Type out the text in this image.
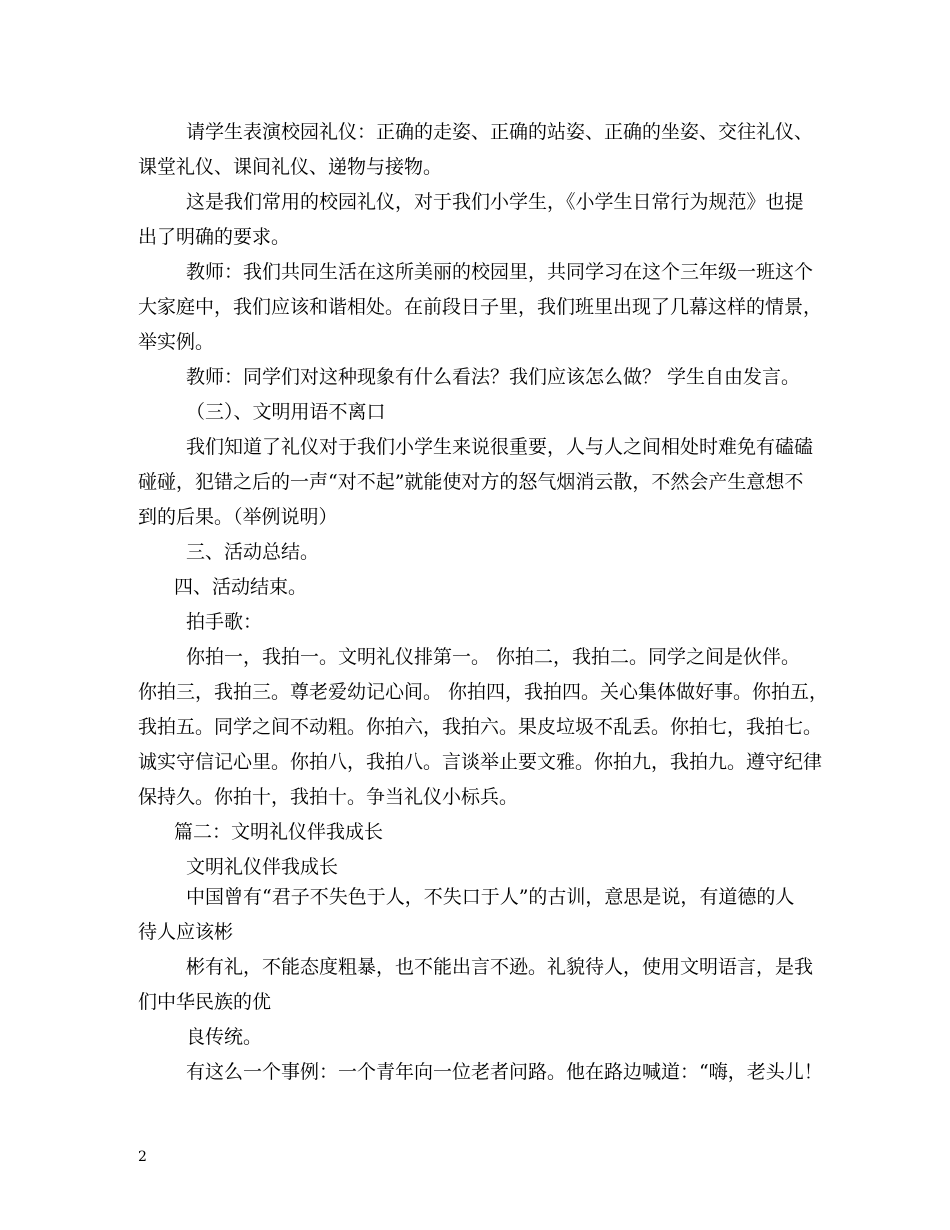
请学生表演校园礼仪：正确的走姿、正确的站姿、正确的坐姿、交往礼仪、
课堂礼仪、课间礼仪、递物与接物。
这是我们常用的校园礼仪，对于我们小学生，《小学生日常行为规范》也提
出了明确的要求。
教师：我们共同生活在这所美丽的校园里，共同学习在这个三年级一班这个
大家庭中，我们应该和谐相处。在前段日子里，我们班里出现了几幕这样的情景，
举实例。
教师：同学们对这种现象有什么看法？我们应该怎么做？ 学生自由发言。
（三）、文明用语不离口
我们知道了礼仪对于我们小学生来说很重要，人与人之间相处时难免有磕磕
碰碰，犯错之后的一声“对不起”就能使对方的怒气烟消云散，不然会产生意想不
到的后果。（举例说明）
三、活动总结。
四、活动结束。
拍手歌：
你拍一，我拍一。文明礼仪排第一。 你拍二，我拍二。同学之间是伙伴。
你拍三，我拍三。尊老爱幼记心间。 你拍四，我拍四。关心集体做好事。你拍五，
我拍五。同学之间不动粗。你拍六，我拍六。果皮垃圾不乱丢。你拍七，我拍七。
诚实守信记心里。你拍八，我拍八。言谈举止要文雅。你拍九，我拍九。遵守纪律
保持久。你拍十，我拍十。争当礼仪小标兵。
篇二：文明礼仪伴我成长
文明礼仪伴我成长
中国曾有“君子不失色于人，不失口于人”的古训，意思是说，有道德的人
待人应该彬
彬有礼，不能态度粗暴，也不能出言不逊。礼貌待人，使用文明语言，是我
们中华民族的优
良传统。
有这么一个事例：一个青年向一位老者问路。他在路边喊道：“嗨，老头儿！
2
